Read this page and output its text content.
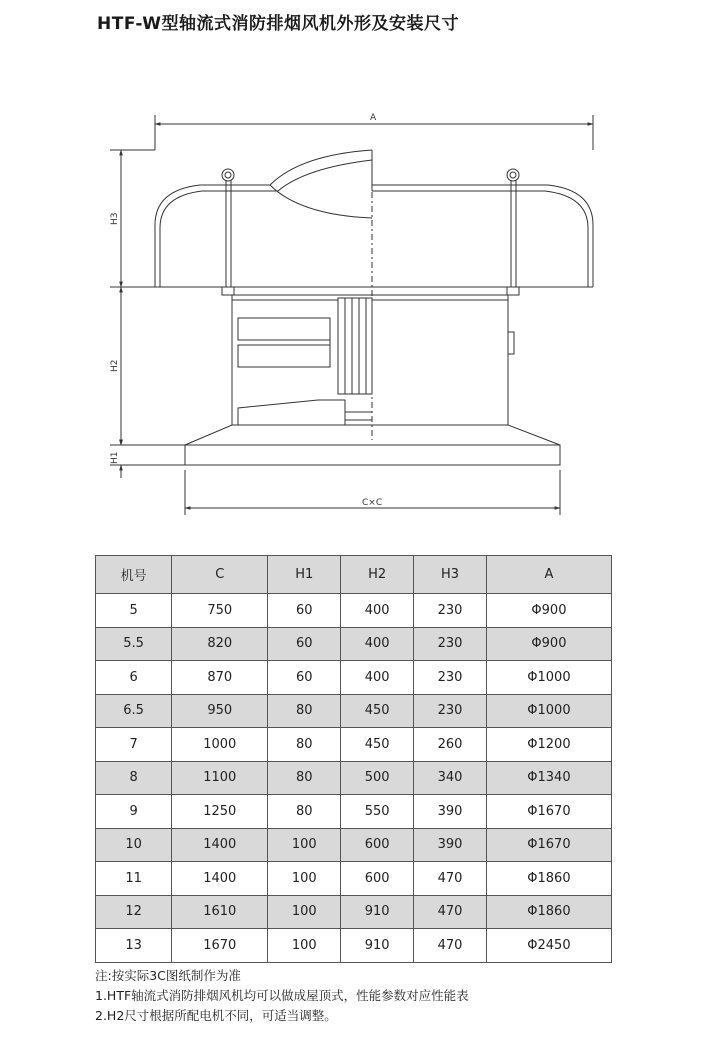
HTF-W型轴流式消防排烟风机外形及安装尺寸
A
H3
H2
H1
C×C
机号	C	H1	H2	H3	A
5	750	60	400	230	Φ900
5.5	820	60	400	230	Φ900
6	870	60	400	230	Φ1000
6.5	950	80	450	230	Φ1000
7	1000	80	450	260	Φ1200
8	1100	80	500	340	Φ1340
9	1250	80	550	390	Φ1670
10	1400	100	600	390	Φ1670
11	1400	100	600	470	Φ1860
12	1610	100	910	470	Φ1860
13	1670	100	910	470	Φ2450
注:按实际3C图纸制作为准
1.HTF轴流式消防排烟风机均可以做成屋顶式，性能参数对应性能表
2.H2尺寸根据所配电机不同，可适当调整。
